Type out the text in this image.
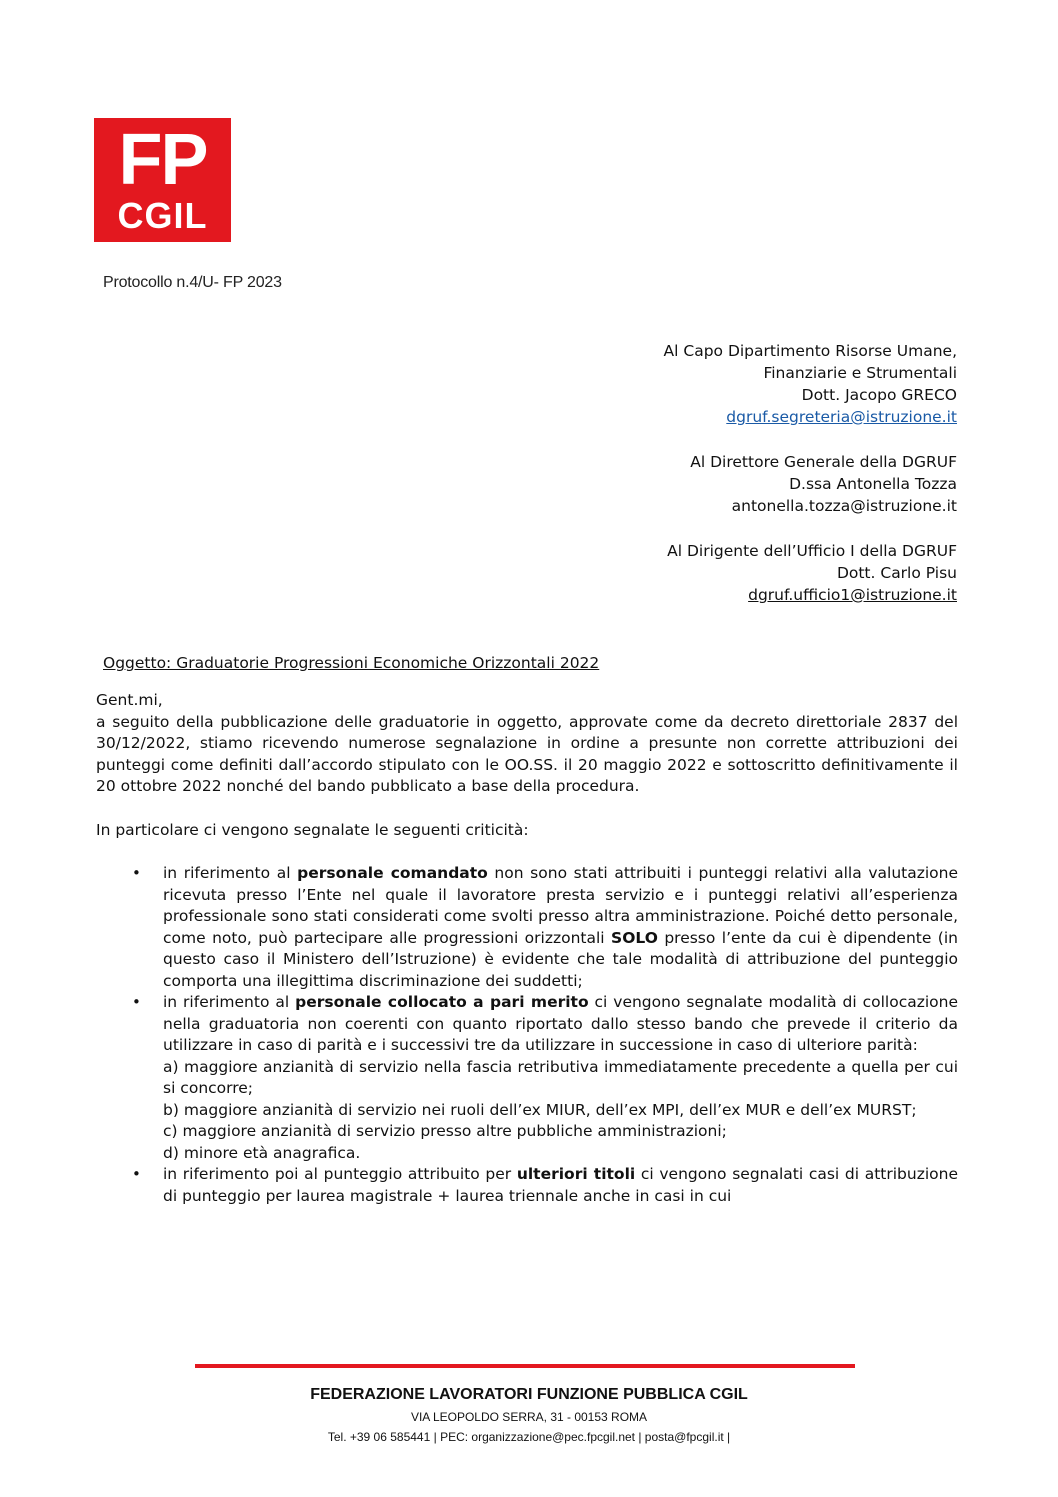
FP
CGIL
Protocollo n.4/U- FP 2023
Al Capo Dipartimento Risorse Umane,
Finanziarie e Strumentali
Dott. Jacopo GRECO
dgruf.segreteria@istruzione.it
Al Direttore Generale della DGRUF
D.ssa Antonella Tozza
antonella.tozza@istruzione.it
Al Dirigente dell’Ufficio I della DGRUF
Dott. Carlo Pisu
dgruf.ufficio1@istruzione.it
Oggetto: Graduatorie Progressioni Economiche Orizzontali 2022

Gent.mi,

a seguito della pubblicazione delle graduatorie in oggetto, approvate come da decreto direttoriale 2837 del 30/12/2022, stiamo ricevendo numerose segnalazione in ordine a presunte non corrette attribuzioni dei punteggi come definiti dall’accordo stipulato con le OO.SS. il 20 maggio 2022 e sottoscritto definitivamente il 20 ottobre 2022 nonché del bando pubblicato a base della procedura.

In particolare ci vengono segnalate le seguenti criticità:

• in riferimento al personale comandato non sono stati attribuiti i punteggi relativi alla valutazione ricevuta presso l’Ente nel quale il lavoratore presta servizio e i punteggi relativi all’esperienza professionale sono stati considerati come svolti presso altra amministrazione. Poiché detto personale, come noto, può partecipare alle progressioni orizzontali SOLO presso l’ente da cui è dipendente (in questo caso il Ministero dell’Istruzione) è evidente che tale modalità di attribuzione del punteggio comporta una illegittima discriminazione dei suddetti;
• in riferimento al personale collocato a pari merito ci vengono segnalate modalità di collocazione nella graduatoria non coerenti con quanto riportato dallo stesso bando che prevede il criterio da utilizzare in caso di parità e i successivi tre da utilizzare in successione in caso di ulteriore parità:
a) maggiore anzianità di servizio nella fascia retributiva immediatamente precedente a quella per cui si concorre;
b) maggiore anzianità di servizio nei ruoli dell’ex MIUR, dell’ex MPI, dell’ex MUR e dell’ex MURST;
c) maggiore anzianità di servizio presso altre pubbliche amministrazioni;
d) minore età anagrafica.
• in riferimento poi al punteggio attribuito per ulteriori titoli ci vengono segnalati casi di attribuzione di punteggio per laurea magistrale + laurea triennale anche in casi in cui
FEDERAZIONE LAVORATORI FUNZIONE PUBBLICA CGIL
VIA LEOPOLDO SERRA, 31 - 00153 ROMA
Tel. +39 06 585441 | PEC: organizzazione@pec.fpcgil.net | posta@fpcgil.it |
